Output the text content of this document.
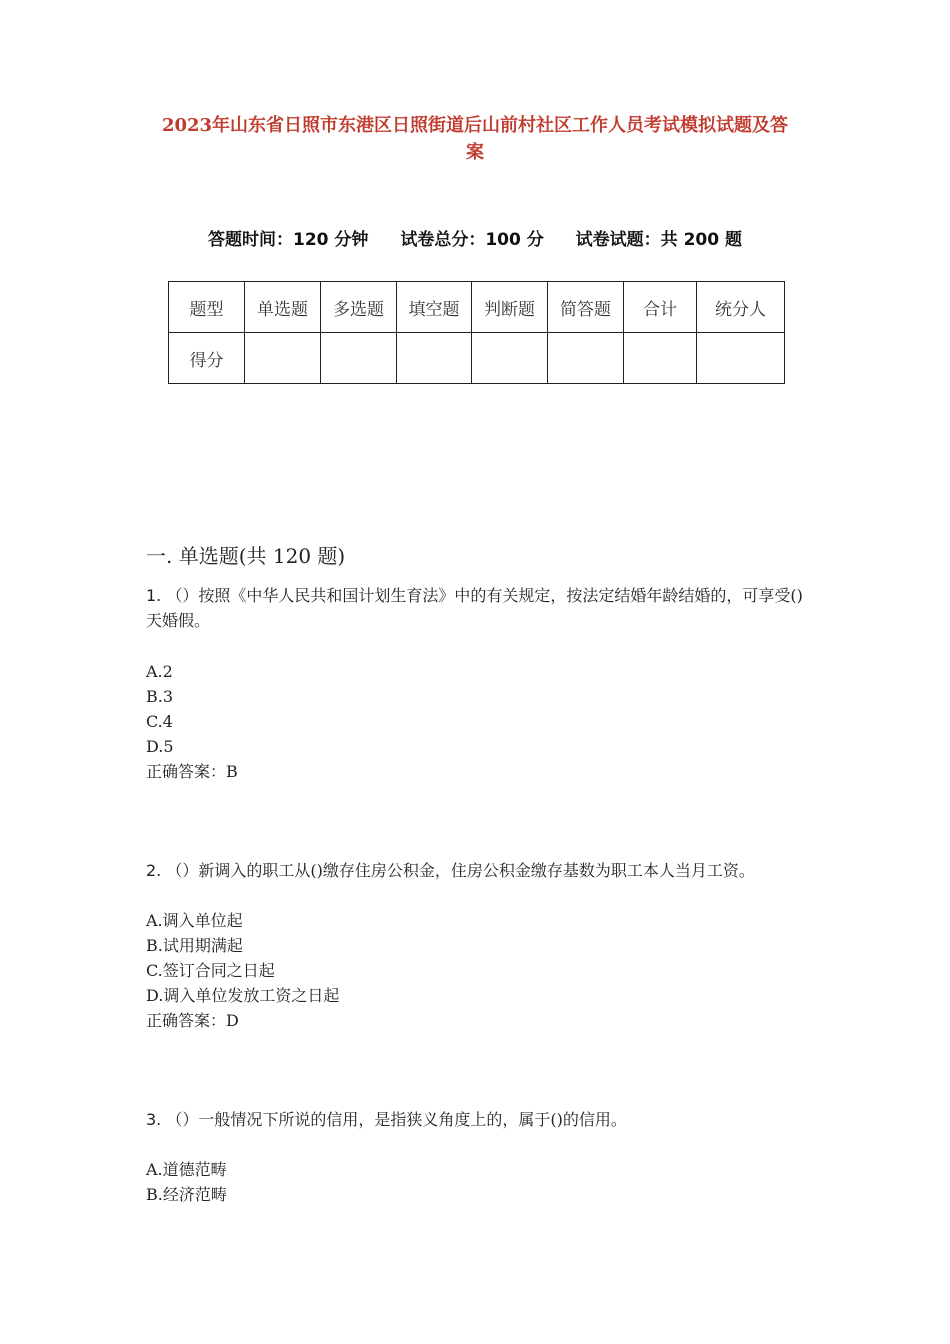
2023年山东省日照市东港区日照街道后山前村社区工作人员考试模拟试题及答
案
答题时间：120 分钟 试卷总分：100 分 试卷试题：共 200 题
题型	单选题	多选题	填空题	判断题	简答题	合计	统分人
得分							
一. 单选题(共 120 题)
1. （）按照《中华人民共和国计划生育法》中的有关规定，按法定结婚年龄结婚的，可享受()天婚假。
A.2
B.3
C.4
D.5
正确答案：B
2. （）新调入的职工从()缴存住房公积金，住房公积金缴存基数为职工本人当月工资。
A.调入单位起
B.试用期满起
C.签订合同之日起
D.调入单位发放工资之日起
正确答案：D
3. （）一般情况下所说的信用，是指狭义角度上的，属于()的信用。
A.道德范畴
B.经济范畴
